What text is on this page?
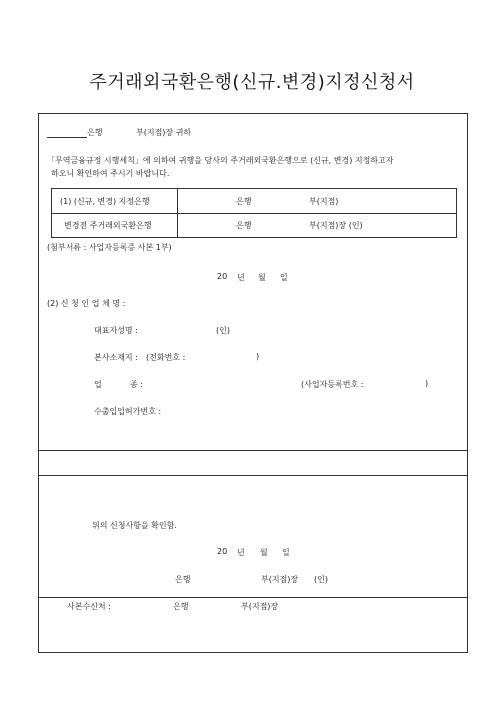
주거래외국환은행(신규.변경)지정신청서
은행	부(지점)장 귀하
「무역금융규정 시행세칙」에 의하여 귀행을 당사의 주거래외국환은행으로 (신규, 변경) 지정하고자
하오니 확인하여 주시기 바랍니다.
(1) (신규, 변경) 지정은행	은행	부(지점)
변경전 주거래외국환은행	은행	부(지점)장 (인)
(첨부서류 : 사업자등록증 사본 1부)
20 년 월 일
(2) 신 청 인 업 체 명 :
대표자성명 :	(인)
본사소재지 : (전화번호 :	)
업	종 :	(사업자등록번호 :	)
수출입업허가번호 :
위의 신청사항을 확인함.
20 년 월 일
은행	부(지점)장 (인)
사본수신처 :	은행	부(지점)장
